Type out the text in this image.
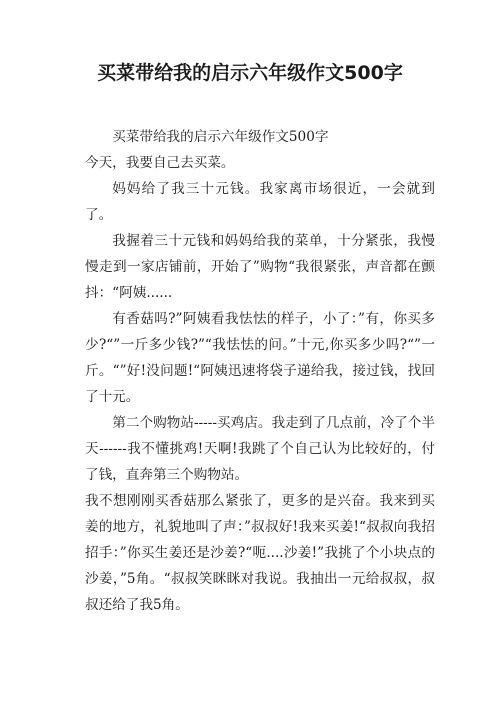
买菜带给我的启示六年级作文500字

买菜带给我的启示六年级作文500字

今天，我要自己去买菜。

妈妈给了我三十元钱。我家离市场很近，一会就到了。

我握着三十元钱和妈妈给我的菜单，十分紧张，我慢慢走到一家店铺前，开始了”购物“我很紧张，声音都在颤抖：“阿姨......

有香菇吗?”阿姨看我怯怯的样子，小了：”有，你买多少?“”一斤多少钱?”“我怯怯的问。”十元,你买多少吗?“”一斤。“”好!没问题!“阿姨迅速将袋子递给我，接过钱，找回了十元。

第二个购物站-----买鸡店。我走到了几点前，冷了个半天------我不懂挑鸡!天啊!我跳了个自己认为比较好的，付了钱，直奔第三个购物站。

我不想刚刚买香菇那么紧张了，更多的是兴奋。我来到买姜的地方，礼貌地叫了声：”叔叔好!我来买姜!“叔叔向我招招手：”你买生姜还是沙姜?“呃....沙姜!”我挑了个小块点的沙姜，”5角。“叔叔笑眯眯对我说。我抽出一元给叔叔，叔叔还给了我5角。
